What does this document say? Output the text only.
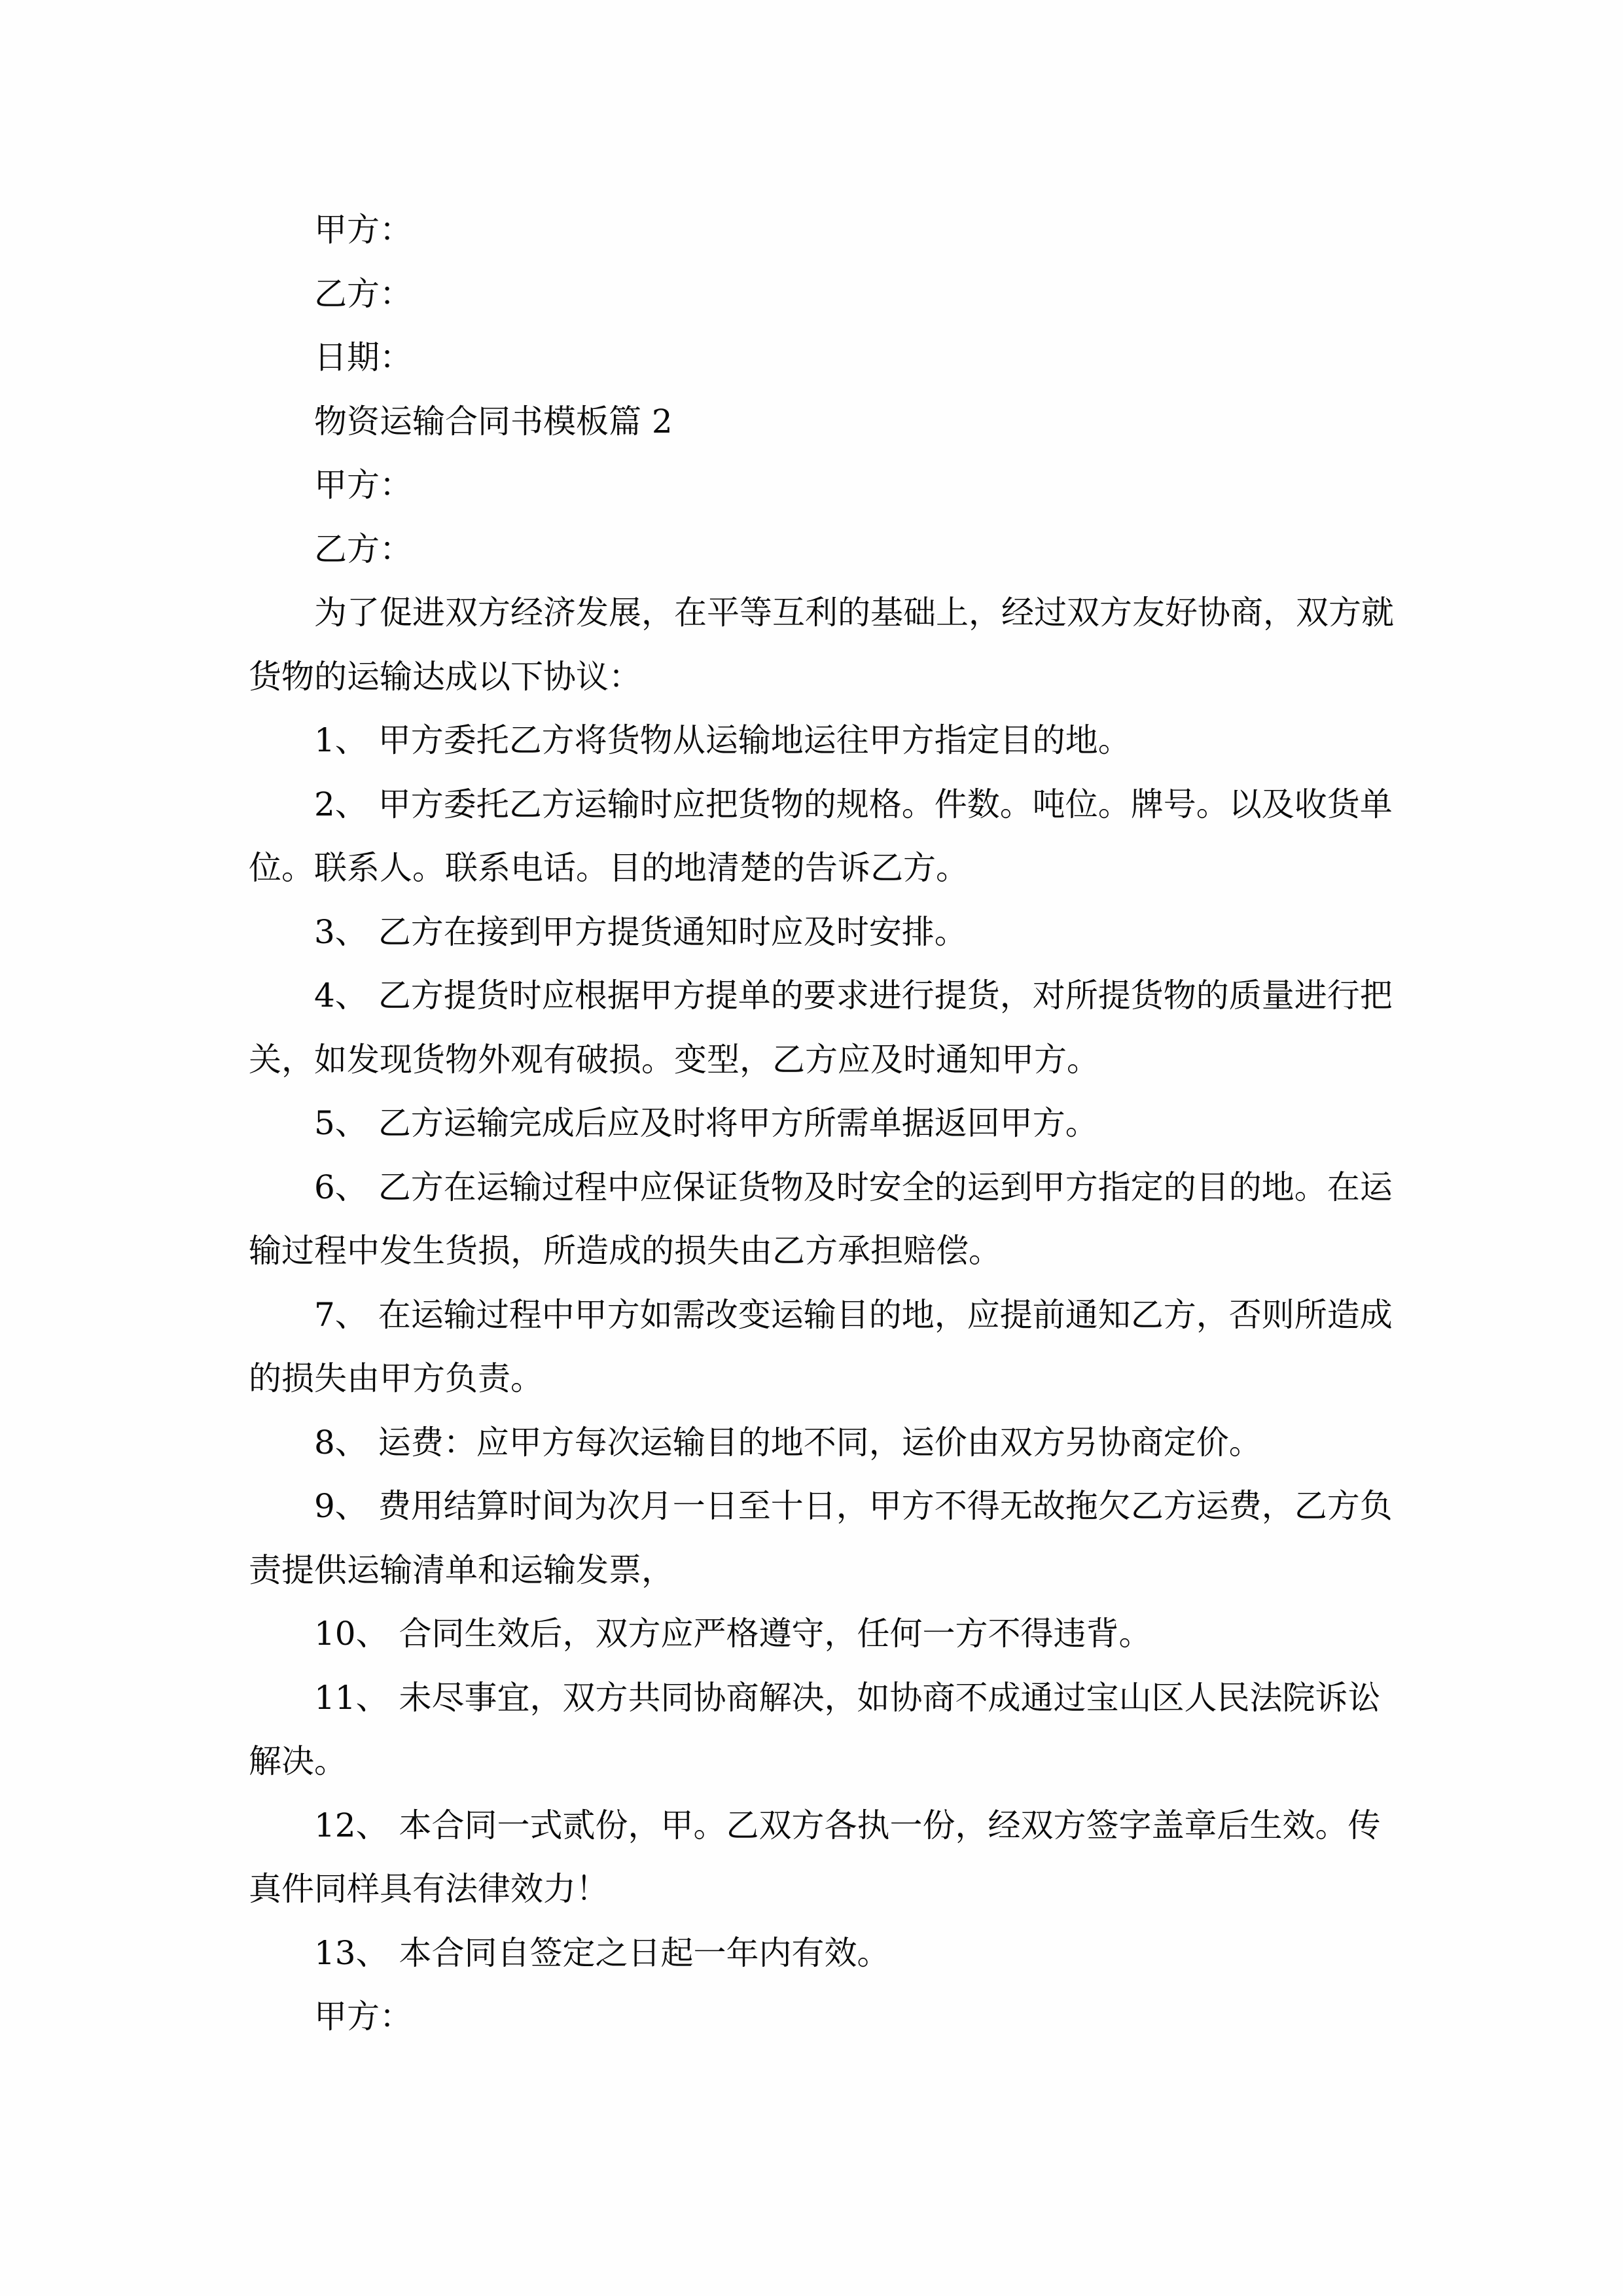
甲方：

乙方：

日期：

物资运输合同书模板篇 2

甲方：

乙方：

为了促进双方经济发展，在平等互利的基础上，经过双方友好协商，双方就货物的运输达成以下协议：

1、 甲方委托乙方将货物从运输地运往甲方指定目的地。

2、 甲方委托乙方运输时应把货物的规格。件数。吨位。牌号。以及收货单位。联系人。联系电话。目的地清楚的告诉乙方。

3、 乙方在接到甲方提货通知时应及时安排。

4、 乙方提货时应根据甲方提单的要求进行提货，对所提货物的质量进行把关，如发现货物外观有破损。变型，乙方应及时通知甲方。

5、 乙方运输完成后应及时将甲方所需单据返回甲方。

6、 乙方在运输过程中应保证货物及时安全的运到甲方指定的目的地。在运输过程中发生货损，所造成的损失由乙方承担赔偿。

7、 在运输过程中甲方如需改变运输目的地，应提前通知乙方，否则所造成的损失由甲方负责。

8、 运费：应甲方每次运输目的地不同，运价由双方另协商定价。

9、 费用结算时间为次月一日至十日，甲方不得无故拖欠乙方运费，乙方负责提供运输清单和运输发票，

10、 合同生效后，双方应严格遵守，任何一方不得违背。

11、 未尽事宜，双方共同协商解决，如协商不成通过宝山区人民法院诉讼解决。

12、 本合同一式贰份，甲。乙双方各执一份，经双方签字盖章后生效。传真件同样具有法律效力！

13、 本合同自签定之日起一年内有效。

甲方：
